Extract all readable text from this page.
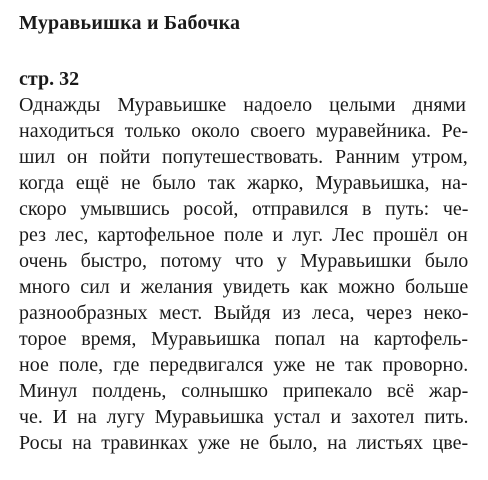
Муравьишка и Бабочка
стр. 32
Однажды Муравьишке надоело целыми днями
находиться только около своего муравейника. Ре-
шил он пойти попутешествовать. Ранним утром,
когда ещё не было так жарко, Муравьишка, на-
скоро умывшись росой, отправился в путь: че-
рез лес, картофельное поле и луг. Лес прошёл он
очень быстро, потому что у Муравьишки было
много сил и желания увидеть как можно больше
разнообразных мест. Выйдя из леса, через неко-
торое время, Муравьишка попал на картофель-
ное поле, где передвигался уже не так проворно.
Минул полдень, солнышко припекало всё жар-
че. И на лугу Муравьишка устал и захотел пить.
Росы на травинках уже не было, на листьях цве-
